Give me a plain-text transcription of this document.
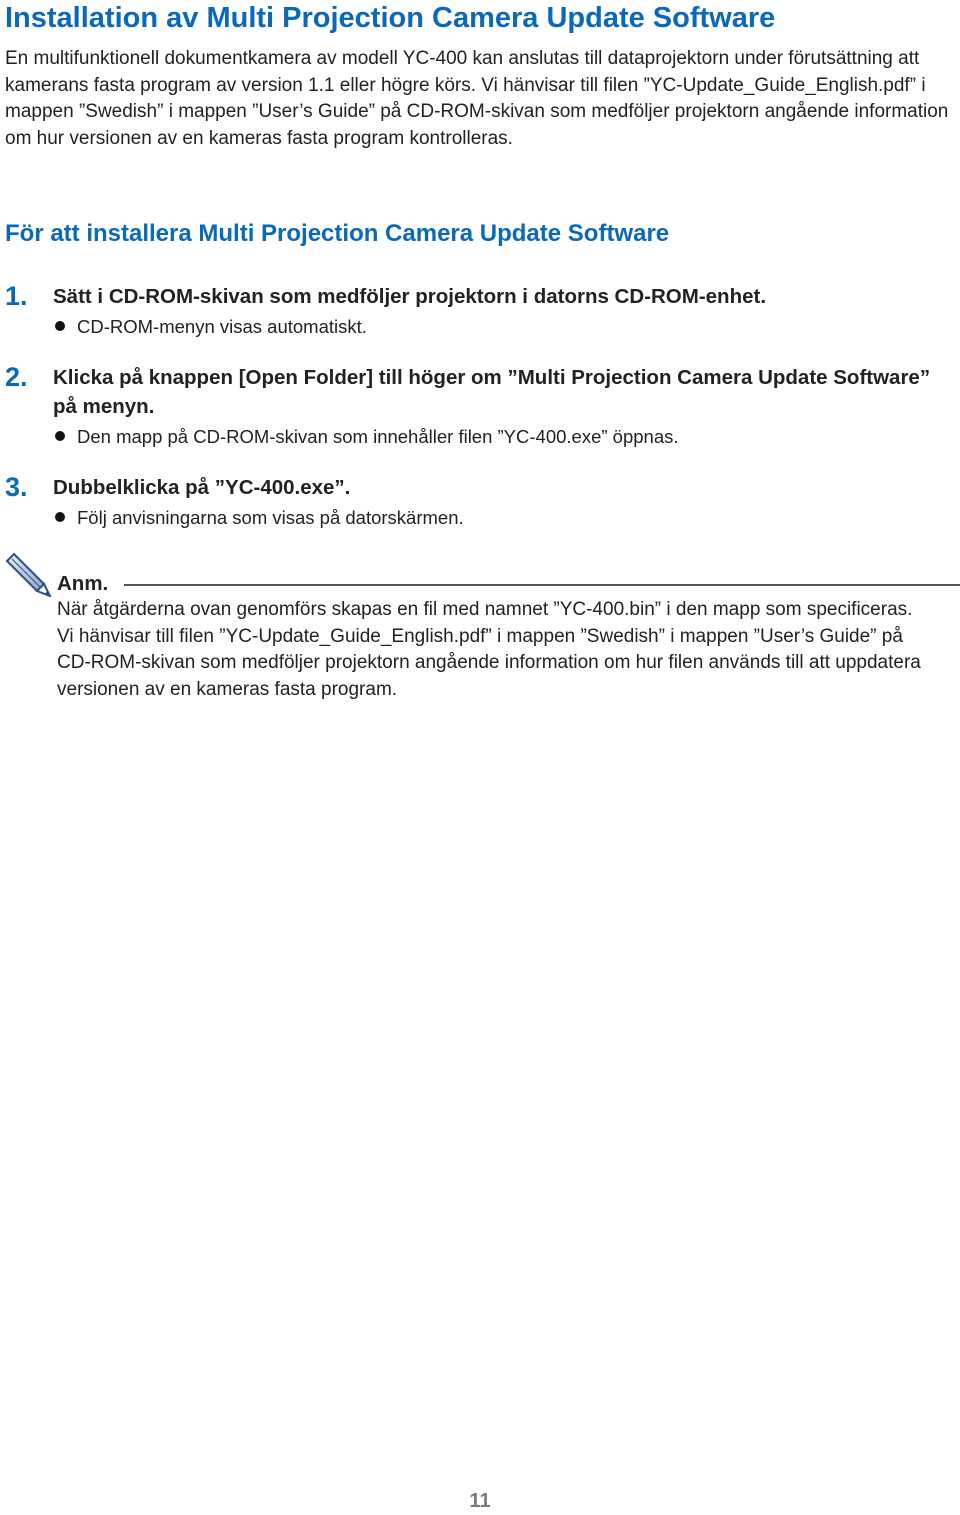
Installation av Multi Projection Camera Update Software

En multifunktionell dokumentkamera av modell YC-400 kan anslutas till dataprojektorn under förutsättning att kamerans fasta program av version 1.1 eller högre körs. Vi hänvisar till filen ”YC-Update_Guide_English.pdf” i mappen ”Swedish” i mappen ”User’s Guide” på CD-ROM-skivan som medföljer projektorn angående information om hur versionen av en kameras fasta program kontrolleras.

För att installera Multi Projection Camera Update Software
1. Sätt i CD-ROM-skivan som medföljer projektorn i datorns CD-ROM-enhet.
CD-ROM-menyn visas automatiskt.
2. Klicka på knappen [Open Folder] till höger om ”Multi Projection Camera Update Software” på menyn.
Den mapp på CD-ROM-skivan som innehåller filen ”YC-400.exe” öppnas.
3. Dubbelklicka på ”YC-400.exe”.
Följ anvisningarna som visas på datorskärmen.
Anm.
När åtgärderna ovan genomförs skapas en fil med namnet ”YC-400.bin” i den mapp som specificeras.
Vi hänvisar till filen ”YC-Update_Guide_English.pdf” i mappen ”Swedish” i mappen ”User’s Guide” på CD-ROM-skivan som medföljer projektorn angående information om hur filen används till att uppdatera versionen av en kameras fasta program.
11
